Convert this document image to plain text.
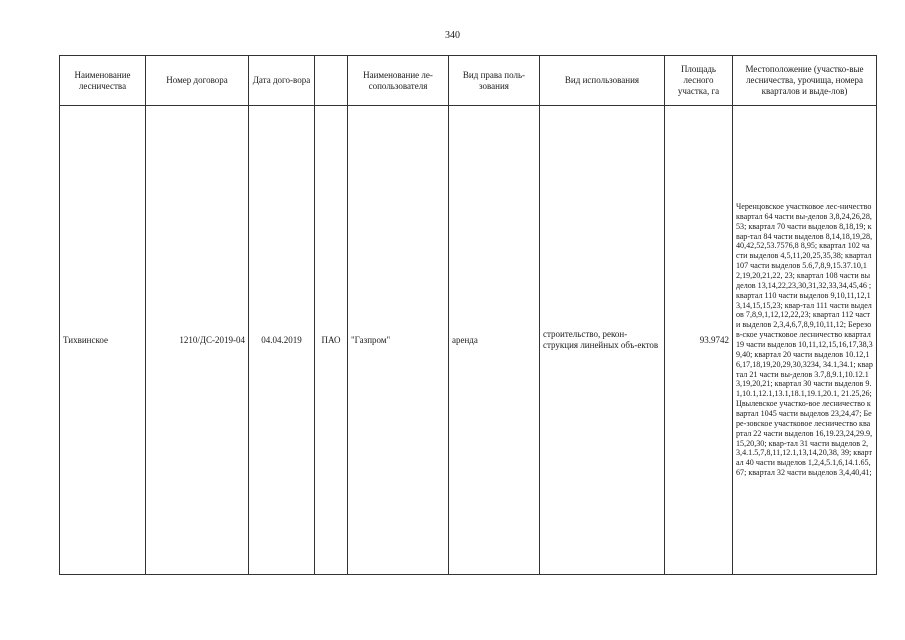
340
Наименование лесничества	Номер договора	Дата дого-вора		Наименование ле-сопользователя	Вид права поль-зования	Вид использования	Площадь лесного участка, га	Местоположение (участко-вые лесничества, урочища, номера кварталов и выде-лов)
Тихвинское	1210/ДС-2019-04	04.04.2019	ПАО	"Газпром"	аренда	строительство, рекон-струкция линейных объ-ектов	93.9742	Черенцовское участковое лес-ничество квартал 64 части вы-делов 3,8,24,26,28,53; квартал 70 части выделов 8,18,19; квар-тал 84 части выделов 8,14,18,19,28,40,42,52,53.7576,8 8,95; квартал 102 части выделов 4,5,11,20,25,35,38; квартал 107 части выделов 5.6,7,8,9,15.37.10,12,19,20,21,22, 23; квартал 108 части выделов 13,14,22,23,30,31,32,33,34,45,46 ; квартал 110 части выделов 9,10,11,12,13,14,15,15,23; квар-тал 111 части выделов 7,8,9,1,12,12,22,23; квартал 112 части выделов 2,3,4,6,7,8,9,10,11,12; Березов-ское участковое лесничество квартал 19 части выделов 10,11,12,15,16,17,38,39,40; квартал 20 части выделов 10.12,16,17,18,19,20,29,30,3234, 34.1,34.1; квартал 21 части вы-делов 3.7,8,9.1,10.12.13,19,20,21; квартал 30 части выделов 9.1,10.1,12.1,13.1,18.1,19.1,20.1, 21.25,26; Цвылевское участко-вое лесничество квартал 1045 части выделов 23,24,47; Бере-зовское участковое лесничество квартал 22 части выделов 16,19.23,24,29.9,15,20,30; квар-тал 31 части выделов 2,3,4.1.5,7,8,11,12.1,13,14,20,38, 39; квартал 40 части выделов 1,2,4,5.1,6,14.1.65,67; квартал 32 части выделов 3,4,40,41;
